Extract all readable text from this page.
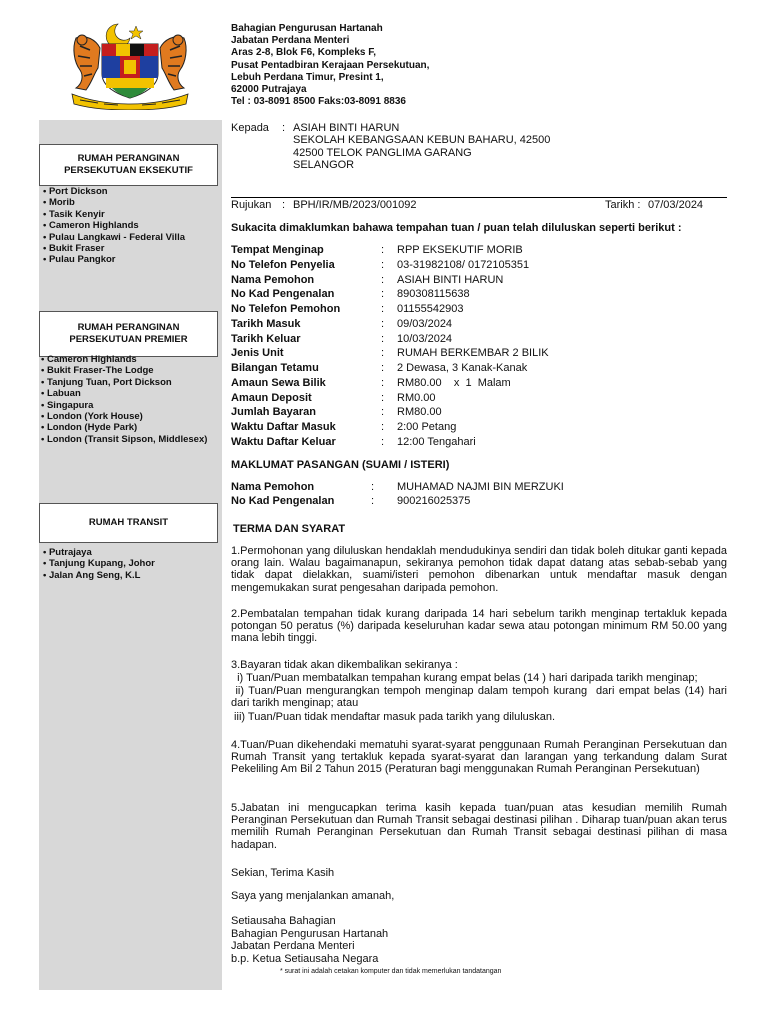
Bahagian Pengurusan Hartanah
Jabatan Perdana Menteri
Aras 2-8, Blok F6, Kompleks F,
Pusat Pentadbiran Kerajaan Persekutuan,
Lebuh Perdana Timur, Presint 1,
62000 Putrajaya
Tel : 03-8091 8500 Faks:03-8091 8836
RUMAH PERANGINAN PERSEKUTUAN EKSEKUTIF
• Port Dickson
• Morib
• Tasik Kenyir
• Cameron Highlands
• Pulau Langkawi - Federal Villa
• Bukit Fraser
• Pulau Pangkor
RUMAH PERANGINAN PERSEKUTUAN PREMIER
• Cameron Highlands
• Bukit Fraser-The Lodge
• Tanjung Tuan, Port Dickson
• Labuan
• Singapura
• London (York House)
• London (Hyde Park)
• London (Transit Sipson, Middlesex)
RUMAH TRANSIT
• Putrajaya
• Tanjung Kupang, Johor
• Jalan Ang Seng, K.L
Kepada : ASIAH BINTI HARUN
SEKOLAH KEBANGSAAN KEBUN BAHARU, 42500
42500 TELOK PANGLIMA GARANG
SELANGOR
Rujukan : BPH/IR/MB/2023/001092	Tarikh : 07/03/2024
Sukacita dimaklumkan bahawa tempahan tuan / puan telah diluluskan seperti berikut :
Tempat Menginap	: RPP EKSEKUTIF MORIB
No Telefon Penyelia	: 03-31982108/ 0172105351
Nama Pemohon	: ASIAH BINTI HARUN
No Kad Pengenalan	: 890308115638
No Telefon Pemohon	: 01155542903
Tarikh Masuk	: 09/03/2024
Tarikh Keluar	: 10/03/2024
Jenis Unit	: RUMAH BERKEMBAR 2 BILIK
Bilangan Tetamu	: 2 Dewasa, 3 Kanak-Kanak
Amaun Sewa Bilik	: RM80.00    x  1  Malam
Amaun Deposit	: RM0.00
Jumlah Bayaran	: RM80.00
Waktu Daftar Masuk	: 2:00 Petang
Waktu Daftar Keluar	: 12:00 Tengahari
MAKLUMAT PASANGAN (SUAMI / ISTERI)
Nama Pemohon	: MUHAMAD NAJMI BIN MERZUKI
No Kad Pengenalan	: 900216025375
TERMA DAN SYARAT
1.Permohonan yang diluluskan hendaklah mendudukinya sendiri dan tidak boleh ditukar ganti kepada orang lain. Walau bagaimanapun, sekiranya pemohon tidak dapat datang atas sebab-sebab yang tidak dapat dielakkan, suami/isteri pemohon dibenarkan untuk mendaftar masuk dengan mengemukakan surat pengesahan daripada pemohon.
2.Pembatalan tempahan tidak kurang daripada 14 hari sebelum tarikh menginap tertakluk kepada potongan 50 peratus (%) daripada keseluruhan kadar sewa atau potongan minimum RM 50.00 yang mana lebih tinggi.
3.Bayaran tidak akan dikembalikan sekiranya :
i) Tuan/Puan membatalkan tempahan kurang empat belas (14 ) hari daripada tarikh menginap;
ii) Tuan/Puan mengurangkan tempoh menginap dalam tempoh kurang  dari empat belas (14) hari dari tarikh menginap; atau
iii) Tuan/Puan tidak mendaftar masuk pada tarikh yang diluluskan.
4.Tuan/Puan dikehendaki mematuhi syarat-syarat penggunaan Rumah Peranginan Persekutuan dan Rumah Transit yang tertakluk kepada syarat-syarat dan larangan yang terkandung dalam Surat Pekeliling Am Bil 2 Tahun 2015 (Peraturan bagi menggunakan Rumah Peranginan Persekutuan)
5.Jabatan ini mengucapkan terima kasih kepada tuan/puan atas kesudian memilih Rumah Peranginan Persekutuan dan Rumah Transit sebagai destinasi pilihan . Diharap tuan/puan akan terus memilih Rumah Peranginan Persekutuan dan Rumah Transit sebagai destinasi pilihan di masa hadapan.
Sekian, Terima Kasih
Saya yang menjalankan amanah,
Setiausaha Bahagian
Bahagian Pengurusan Hartanah
Jabatan Perdana Menteri
b.p. Ketua Setiausaha Negara
* surat ini adalah cetakan komputer dan tidak memerlukan tandatangan
